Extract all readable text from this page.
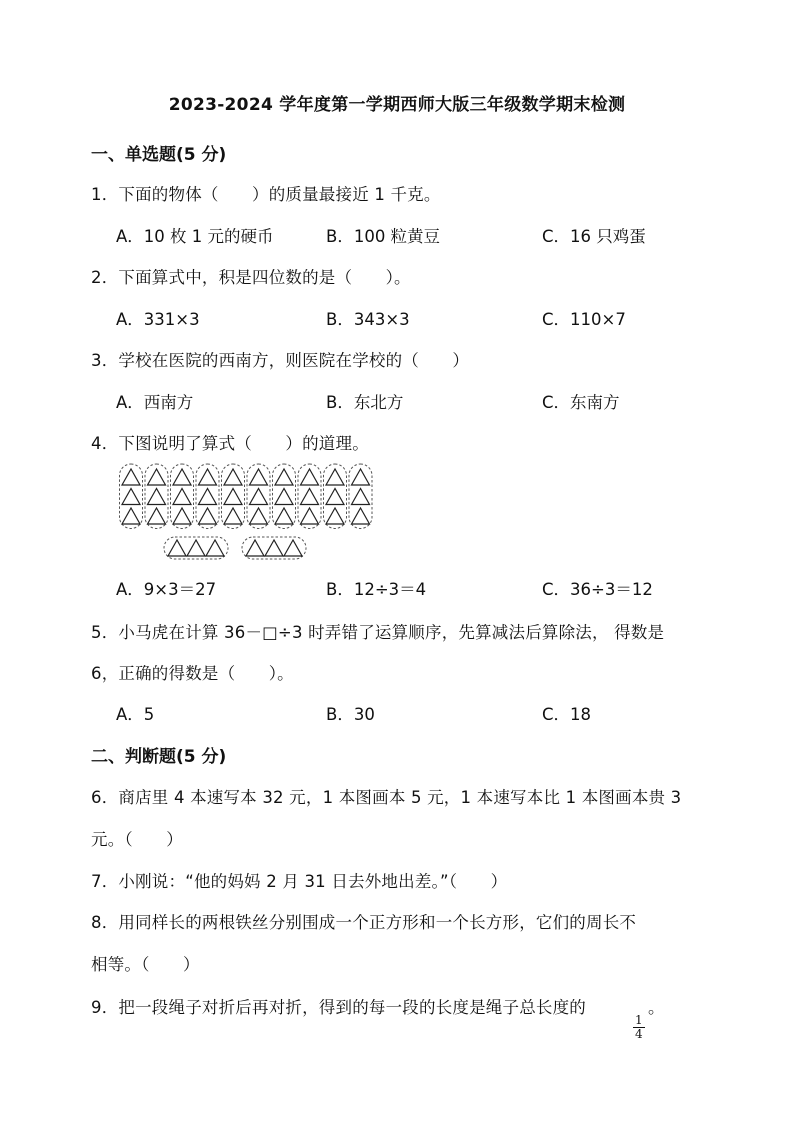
2023-2024 学年度第一学期西师大版三年级数学期末检测
一、单选题(5 分)
1．下面的物体（　　）的质量最接近 1 千克。
A．10 枚 1 元的硬币	B．100 粒黄豆	C．16 只鸡蛋
2．下面算式中，积是四位数的是（　　）。
A．331×3	B．343×3	C．110×7
3．学校在医院的西南方，则医院在学校的（　　）
A．西南方	B．东北方	C．东南方
4．下图说明了算式（　　）的道理。
A．9×3＝27	B．12÷3＝4	C．36÷3＝12
5．小马虎在计算 36－□÷3 时弄错了运算顺序，先算减法后算除法， 得数是
6，正确的得数是（　　）。
A．5	B．30	C．18
二、判断题(5 分)
6．商店里 4 本速写本 32 元，1 本图画本 5 元，1 本速写本比 1 本图画本贵 3
元。（　　）
7．小刚说：“他的妈妈 2 月 31 日去外地出差。”（　　）
8．用同样长的两根铁丝分别围成一个正方形和一个长方形，它们的周长不
相等。（　　）
9．把一段绳子对折后再对折，得到的每一段的长度是绳子总长度的
$\frac{1}{4}$
。
